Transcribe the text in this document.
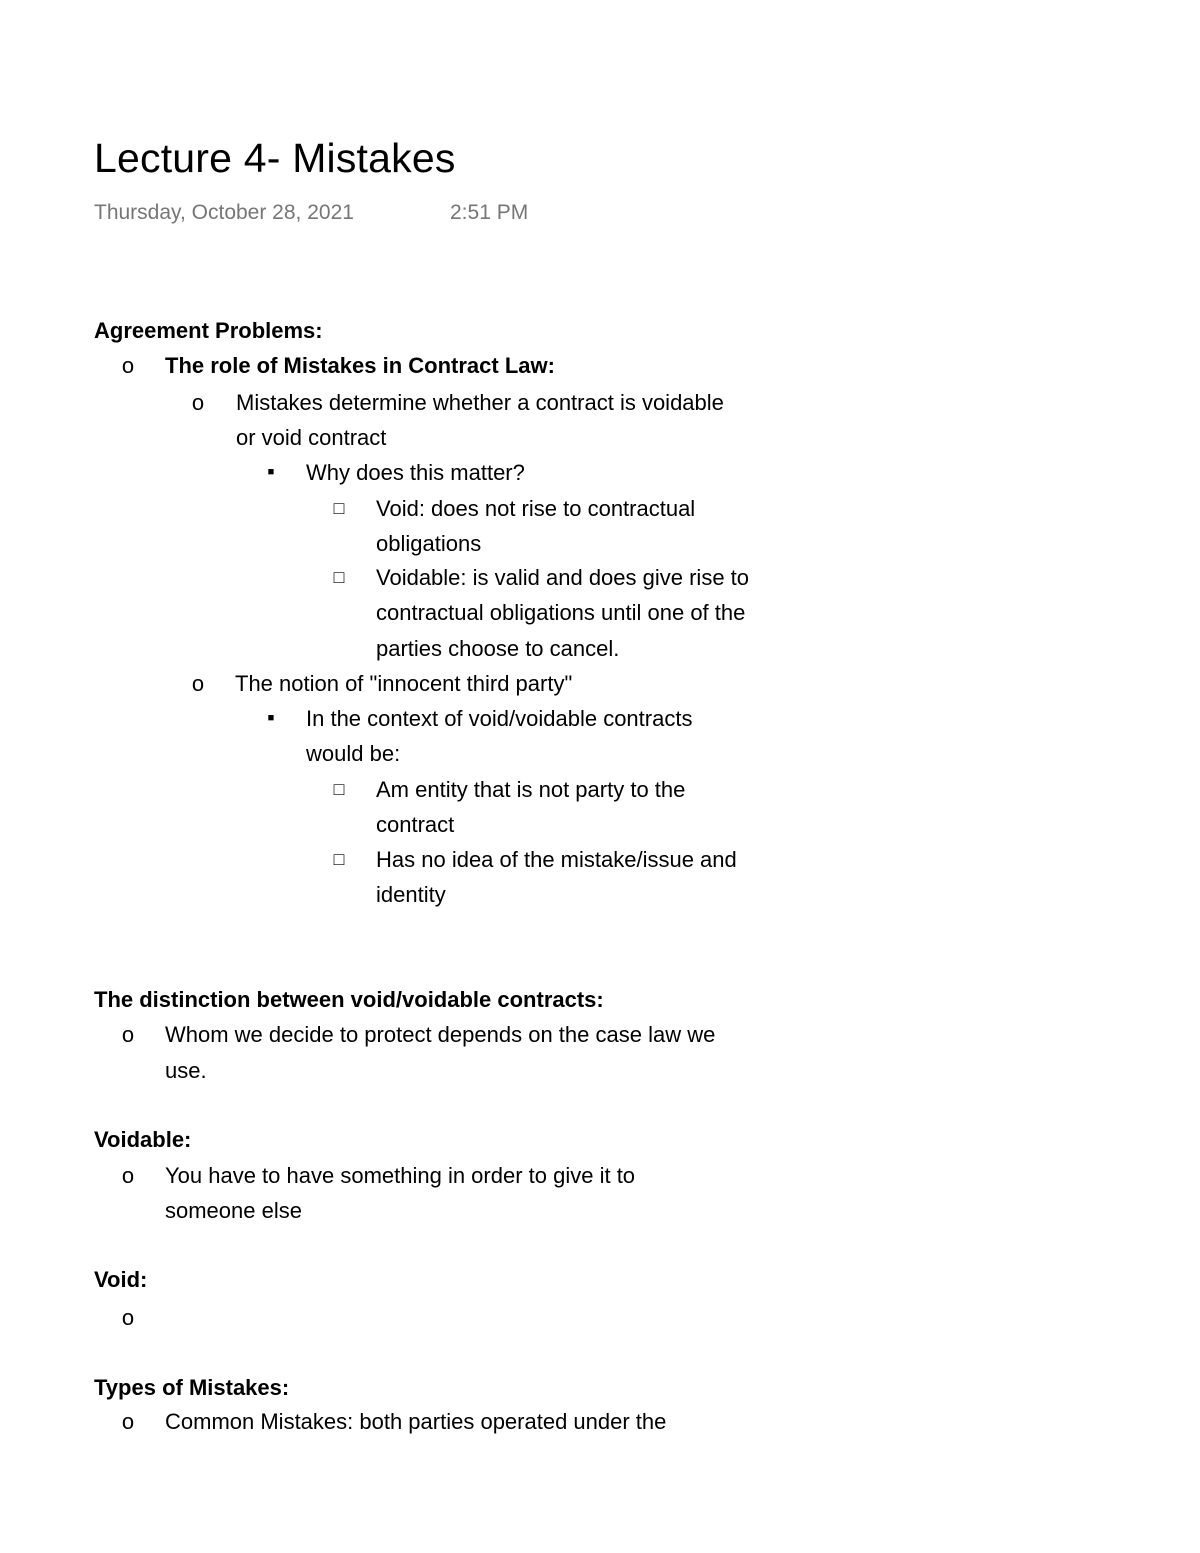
Lecture 4- Mistakes
Thursday, October 28, 2021	2:51 PM
Agreement Problems:
o The role of Mistakes in Contract Law:
o Mistakes determine whether a contract is voidable
or void contract
■	Why does this matter?
□ Void: does not rise to contractual
obligations
□ Voidable: is valid and does give rise to
contractual obligations until one of the
parties choose to cancel.
o The notion of "innocent third party"
■	In the context of void/voidable contracts
would be:
□ Am entity that is not party to the
contract
□ Has no idea of the mistake/issue and
identity
The distinction between void/voidable contracts:
o Whom we decide to protect depends on the case law we
use.
Voidable:
o You have to have something in order to give it to
someone else
Void:
o
Types of Mistakes:
o Common Mistakes: both parties operated under the
